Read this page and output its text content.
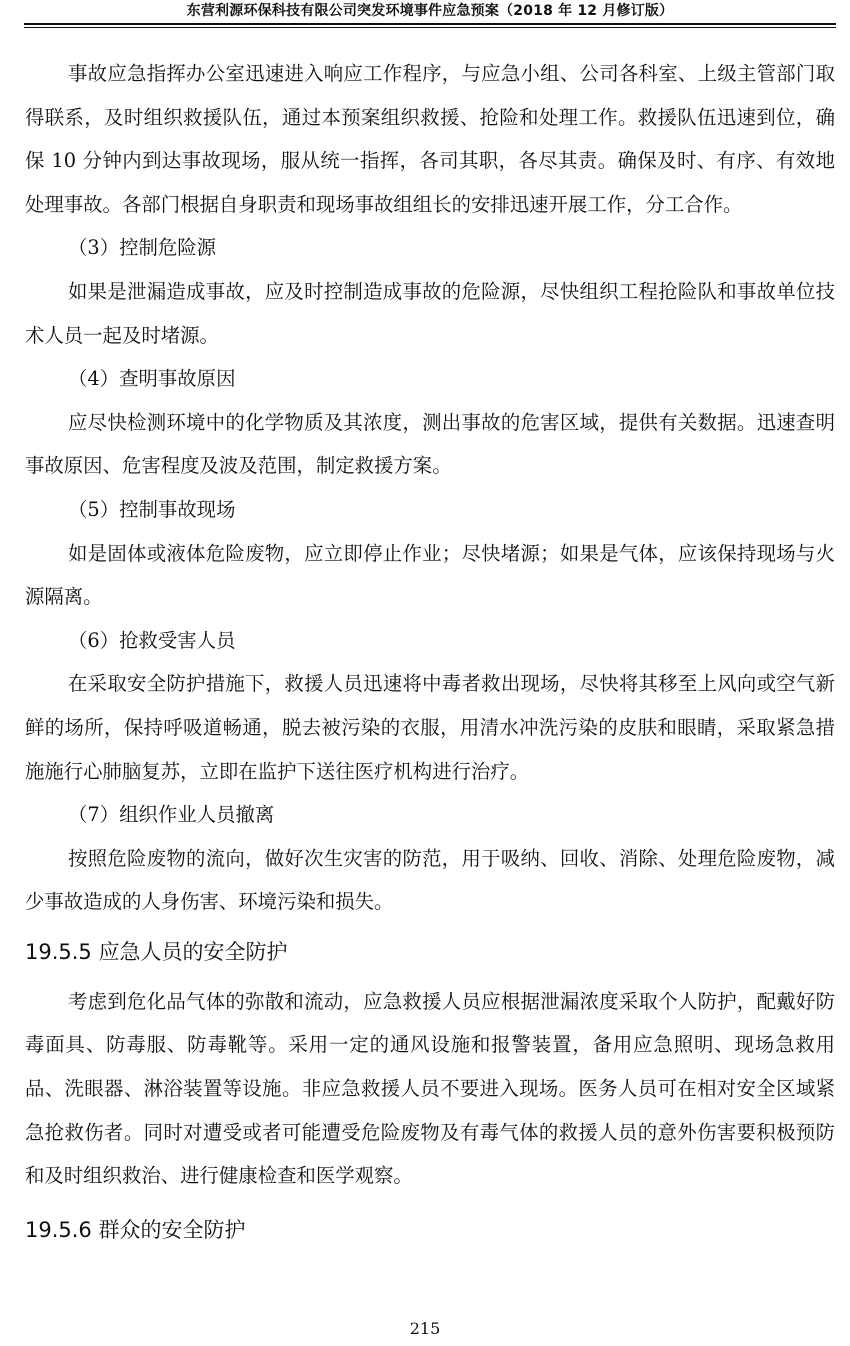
东营利源环保科技有限公司突发环境事件应急预案（2018 年 12 月修订版）

事故应急指挥办公室迅速进入响应工作程序，与应急小组、公司各科室、上级主管部门取得联系，及时组织救援队伍，通过本预案组织救援、抢险和处理工作。救援队伍迅速到位，确保 10 分钟内到达事故现场，服从统一指挥，各司其职，各尽其责。确保及时、有序、有效地处理事故。各部门根据自身职责和现场事故组组长的安排迅速开展工作，分工合作。

（3）控制危险源

如果是泄漏造成事故，应及时控制造成事故的危险源，尽快组织工程抢险队和事故单位技术人员一起及时堵源。

（4）查明事故原因

应尽快检测环境中的化学物质及其浓度，测出事故的危害区域，提供有关数据。迅速查明事故原因、危害程度及波及范围，制定救援方案。

（5）控制事故现场

如是固体或液体危险废物，应立即停止作业；尽快堵源；如果是气体，应该保持现场与火源隔离。

（6）抢救受害人员

在采取安全防护措施下，救援人员迅速将中毒者救出现场，尽快将其移至上风向或空气新鲜的场所，保持呼吸道畅通，脱去被污染的衣服，用清水冲洗污染的皮肤和眼睛，采取紧急措施施行心肺脑复苏，立即在监护下送往医疗机构进行治疗。

（7）组织作业人员撤离

按照危险废物的流向，做好次生灾害的防范，用于吸纳、回收、消除、处理危险废物，减少事故造成的人身伤害、环境污染和损失。

19.5.5 应急人员的安全防护

考虑到危化品气体的弥散和流动，应急救援人员应根据泄漏浓度采取个人防护，配戴好防毒面具、防毒服、防毒靴等。采用一定的通风设施和报警装置，备用应急照明、现场急救用品、洗眼器、淋浴装置等设施。非应急救援人员不要进入现场。医务人员可在相对安全区域紧急抢救伤者。同时对遭受或者可能遭受危险废物及有毒气体的救援人员的意外伤害要积极预防和及时组织救治、进行健康检查和医学观察。

19.5.6 群众的安全防护
215
